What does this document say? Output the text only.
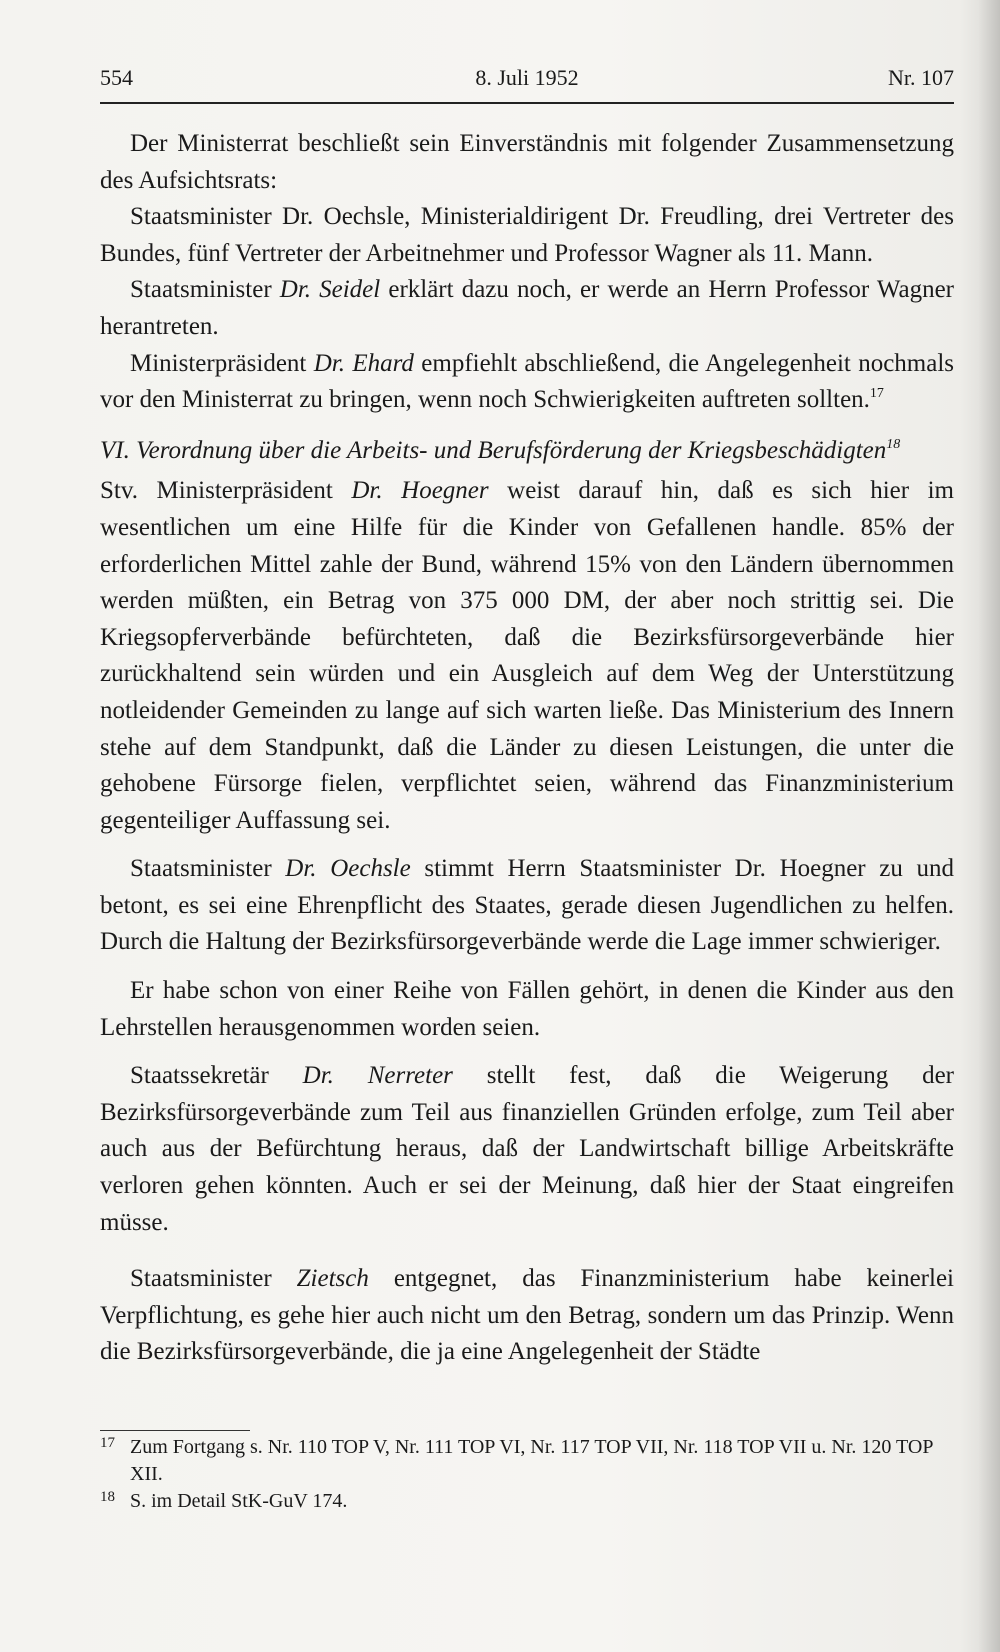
554	8. Juli 1952	Nr. 107

Der Ministerrat beschließt sein Einverständnis mit folgender Zusammensetzung des Aufsichtsrats:

Staatsminister Dr. Oechsle, Ministerialdirigent Dr. Freudling, drei Vertreter des Bundes, fünf Vertreter der Arbeitnehmer und Professor Wagner als 11. Mann.

Staatsminister Dr. Seidel erklärt dazu noch, er werde an Herrn Professor Wagner herantreten.

Ministerpräsident Dr. Ehard empfiehlt abschließend, die Angelegenheit nochmals vor den Ministerrat zu bringen, wenn noch Schwierigkeiten auftreten sollten.$^{17}$

VI. Verordnung über die Arbeits- und Berufsförderung der Kriegsbeschädigten$^{18}$

Stv. Ministerpräsident Dr. Hoegner weist darauf hin, daß es sich hier im wesentlichen um eine Hilfe für die Kinder von Gefallenen handle. 85% der erforderlichen Mittel zahle der Bund, während 15% von den Ländern übernommen werden müßten, ein Betrag von 375 000 DM, der aber noch strittig sei. Die Kriegsopferverbände befürchteten, daß die Bezirksfürsorgeverbände hier zurückhaltend sein würden und ein Ausgleich auf dem Weg der Unterstützung notleidender Gemeinden zu lange auf sich warten ließe. Das Ministerium des Innern stehe auf dem Standpunkt, daß die Länder zu diesen Leistungen, die unter die gehobene Fürsorge fielen, verpflichtet seien, während das Finanzministerium gegenteiliger Auffassung sei.

Staatsminister Dr. Oechsle stimmt Herrn Staatsminister Dr. Hoegner zu und betont, es sei eine Ehrenpflicht des Staates, gerade diesen Jugendlichen zu helfen. Durch die Haltung der Bezirksfürsorgeverbände werde die Lage immer schwieriger.

Er habe schon von einer Reihe von Fällen gehört, in denen die Kinder aus den Lehrstellen herausgenommen worden seien.

Staatssekretär Dr. Nerreter stellt fest, daß die Weigerung der Bezirksfürsorgeverbände zum Teil aus finanziellen Gründen erfolge, zum Teil aber auch aus der Befürchtung heraus, daß der Landwirtschaft billige Arbeitskräfte verloren gehen könnten. Auch er sei der Meinung, daß hier der Staat eingreifen müsse.

Staatsminister Zietsch entgegnet, das Finanzministerium habe keinerlei Verpflichtung, es gehe hier auch nicht um den Betrag, sondern um das Prinzip. Wenn die Bezirksfürsorgeverbände, die ja eine Angelegenheit der Städte

17 Zum Fortgang s. Nr. 110 TOP V, Nr. 111 TOP VI, Nr. 117 TOP VII, Nr. 118 TOP VII u. Nr. 120 TOP XII.

18 S. im Detail StK-GuV 174.
